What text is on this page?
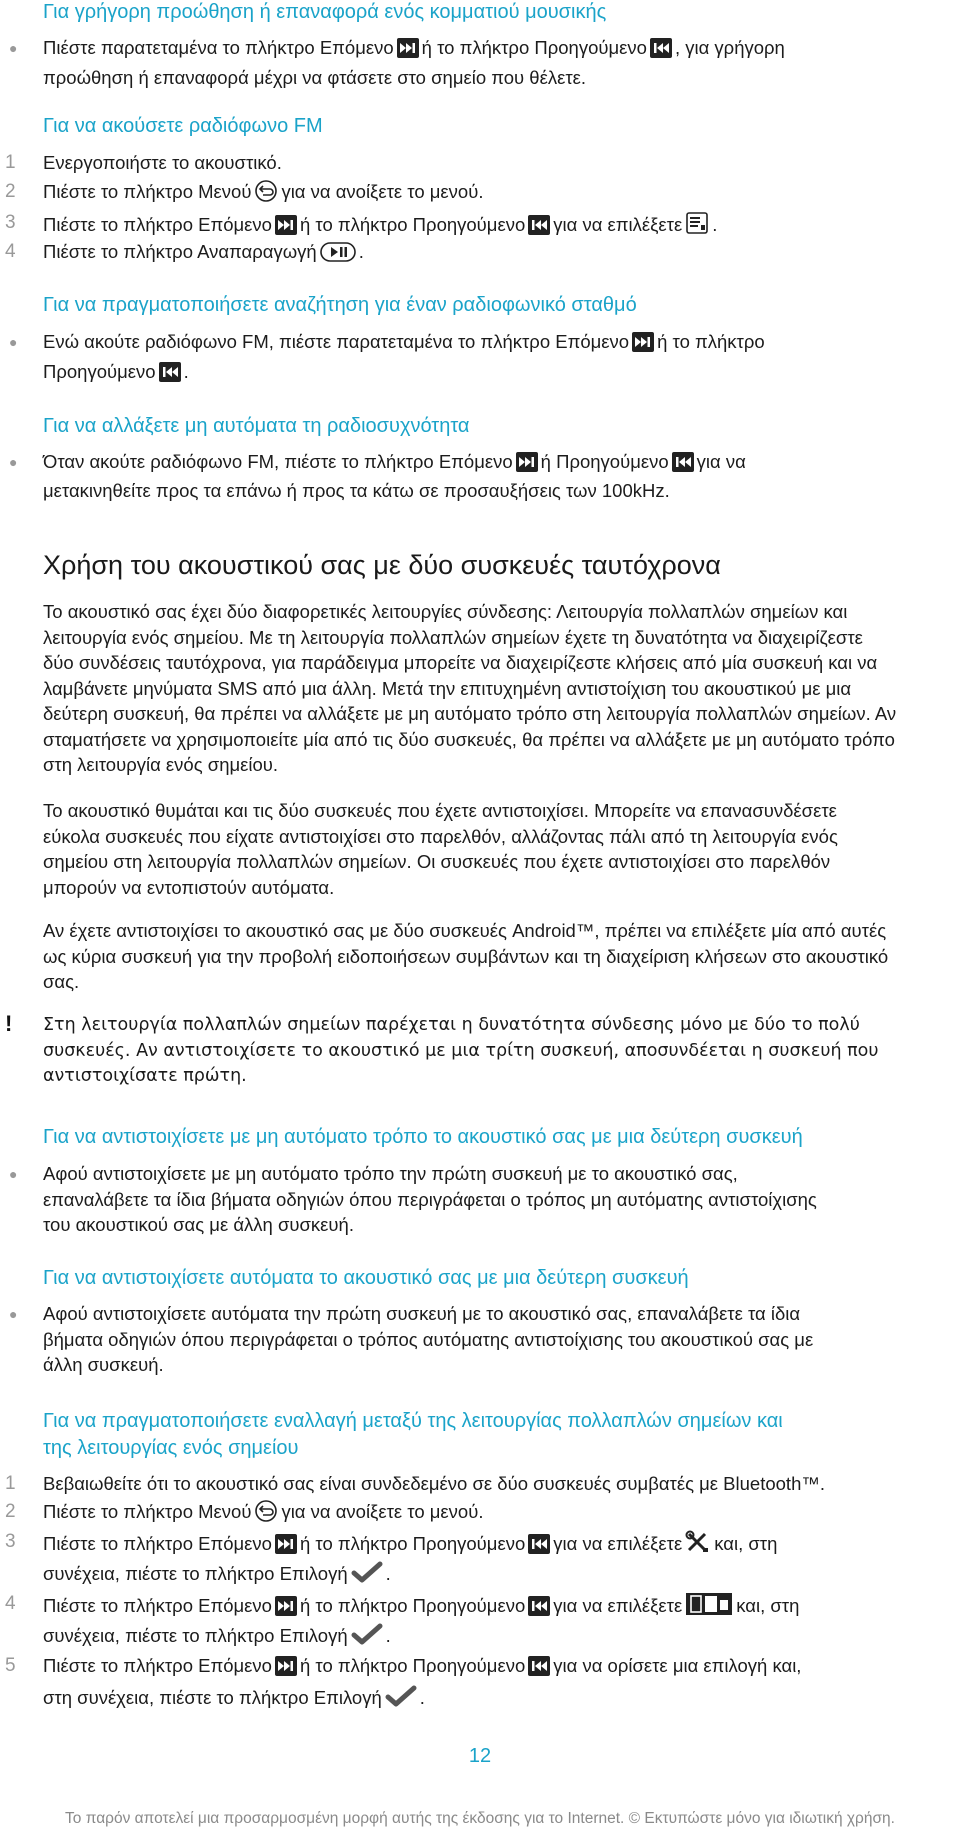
Για γρήγορη προώθηση ή επαναφορά ενός κομματιού μουσικής
● Πιέστε παρατεταμένα το πλήκτρο Επόμενο ή το πλήκτρο Προηγούμενο , για γρήγορη
προώθηση ή επαναφορά μέχρι να φτάσετε στο σημείο που θέλετε.
Για να ακούσετε ραδιόφωνο FM
1 Ενεργοποιήστε το ακουστικό.
2 Πιέστε το πλήκτρο Μενού για να ανοίξετε το μενού.
3 Πιέστε το πλήκτρο Επόμενο ή το πλήκτρο Προηγούμενο για να επιλέξετε .
4 Πιέστε το πλήκτρο Αναπαραγωγή .
Για να πραγματοποιήσετε αναζήτηση για έναν ραδιοφωνικό σταθμό
● Ενώ ακούτε ραδιόφωνο FM, πιέστε παρατεταμένα το πλήκτρο Επόμενο ή το πλήκτρο
Προηγούμενο .
Για να αλλάξετε μη αυτόματα τη ραδιοσυχνότητα
● Όταν ακούτε ραδιόφωνο FM, πιέστε το πλήκτρο Επόμενο ή Προηγούμενο για να
μετακινηθείτε προς τα επάνω ή προς τα κάτω σε προσαυξήσεις των 100kHz.
Χρήση του ακουστικού σας με δύο συσκευές ταυτόχρονα
Το ακουστικό σας έχει δύο διαφορετικές λειτουργίες σύνδεσης: Λειτουργία πολλαπλών σημείων και
λειτουργία ενός σημείου. Με τη λειτουργία πολλαπλών σημείων έχετε τη δυνατότητα να διαχειρίζεστε
δύο συνδέσεις ταυτόχρονα, για παράδειγμα μπορείτε να διαχειρίζεστε κλήσεις από μία συσκευή και να
λαμβάνετε μηνύματα SMS από μια άλλη. Μετά την επιτυχημένη αντιστοίχιση του ακουστικού με μια
δεύτερη συσκευή, θα πρέπει να αλλάξετε με μη αυτόματο τρόπο στη λειτουργία πολλαπλών σημείων. Αν
σταματήσετε να χρησιμοποιείτε μία από τις δύο συσκευές, θα πρέπει να αλλάξετε με μη αυτόματο τρόπο
στη λειτουργία ενός σημείου.
Το ακουστικό θυμάται και τις δύο συσκευές που έχετε αντιστοιχίσει. Μπορείτε να επανασυνδέσετε
εύκολα συσκευές που είχατε αντιστοιχίσει στο παρελθόν, αλλάζοντας πάλι από τη λειτουργία ενός
σημείου στη λειτουργία πολλαπλών σημείων. Οι συσκευές που έχετε αντιστοιχίσει στο παρελθόν
μπορούν να εντοπιστούν αυτόματα.
Αν έχετε αντιστοιχίσει το ακουστικό σας με δύο συσκευές Android™, πρέπει να επιλέξετε μία από αυτές
ως κύρια συσκευή για την προβολή ειδοποιήσεων συμβάντων και τη διαχείριση κλήσεων στο ακουστικό
σας.
! Στη λειτουργία πολλαπλών σημείων παρέχεται η δυνατότητα σύνδεσης μόνο με δύο το πολύ
συσκευές. Αν αντιστοιχίσετε το ακουστικό με μια τρίτη συσκευή, αποσυνδέεται η συσκευή που
αντιστοιχίσατε πρώτη.
Για να αντιστοιχίσετε με μη αυτόματο τρόπο το ακουστικό σας με μια δεύτερη συσκευή
● Αφού αντιστοιχίσετε με μη αυτόματο τρόπο την πρώτη συσκευή με το ακουστικό σας,
επαναλάβετε τα ίδια βήματα οδηγιών όπου περιγράφεται ο τρόπος μη αυτόματης αντιστοίχισης
του ακουστικού σας με άλλη συσκευή.
Για να αντιστοιχίσετε αυτόματα το ακουστικό σας με μια δεύτερη συσκευή
● Αφού αντιστοιχίσετε αυτόματα την πρώτη συσκευή με το ακουστικό σας, επαναλάβετε τα ίδια
βήματα οδηγιών όπου περιγράφεται ο τρόπος αυτόματης αντιστοίχισης του ακουστικού σας με
άλλη συσκευή.
Για να πραγματοποιήσετε εναλλαγή μεταξύ της λειτουργίας πολλαπλών σημείων και
της λειτουργίας ενός σημείου
1 Βεβαιωθείτε ότι το ακουστικό σας είναι συνδεδεμένο σε δύο συσκευές συμβατές με Bluetooth™.
2 Πιέστε το πλήκτρο Μενού για να ανοίξετε το μενού.
3 Πιέστε το πλήκτρο Επόμενο ή το πλήκτρο Προηγούμενο για να επιλέξετε και, στη
συνέχεια, πιέστε το πλήκτρο Επιλογή .
4 Πιέστε το πλήκτρο Επόμενο ή το πλήκτρο Προηγούμενο για να επιλέξετε	και, στη
συνέχεια, πιέστε το πλήκτρο Επιλογή .
5 Πιέστε το πλήκτρο Επόμενο ή το πλήκτρο Προηγούμενο για να ορίσετε μια επιλογή και,
στη συνέχεια, πιέστε το πλήκτρο Επιλογή .
12
Το παρόν αποτελεί μια προσαρμοσμένη μορφή αυτής της έκδοσης για το Internet. © Εκτυπώστε μόνο για ιδιωτική χρήση.
